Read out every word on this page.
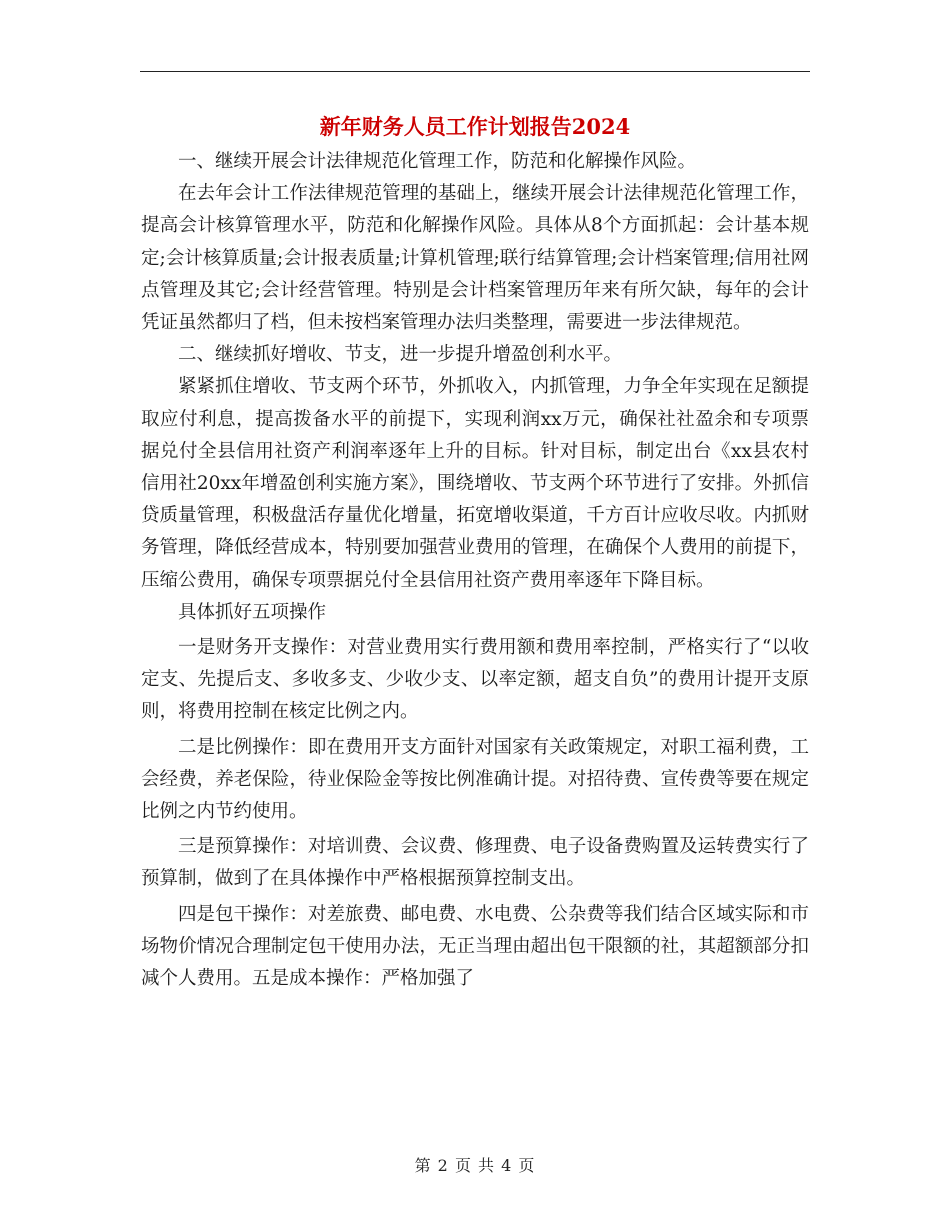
新年财务人员工作计划报告2024

一、继续开展会计法律规范化管理工作，防范和化解操作风险。

在去年会计工作法律规范管理的基础上，继续开展会计法律规范化管理工作，提高会计核算管理水平，防范和化解操作风险。具体从8个方面抓起：会计基本规定;会计核算质量;会计报表质量;计算机管理;联行结算管理;会计档案管理;信用社网点管理及其它;会计经营管理。特别是会计档案管理历年来有所欠缺，每年的会计凭证虽然都归了档，但未按档案管理办法归类整理，需要进一步法律规范。

二、继续抓好增收、节支，进一步提升增盈创利水平。

紧紧抓住增收、节支两个环节，外抓收入，内抓管理，力争全年实现在足额提取应付利息，提高拨备水平的前提下，实现利润xx万元，确保社社盈余和专项票据兑付全县信用社资产利润率逐年上升的目标。针对目标，制定出台《xx县农村信用社20xx年增盈创利实施方案》，围绕增收、节支两个环节进行了安排。外抓信贷质量管理，积极盘活存量优化增量，拓宽增收渠道，千方百计应收尽收。内抓财务管理，降低经营成本，特别要加强营业费用的管理，在确保个人费用的前提下，压缩公费用，确保专项票据兑付全县信用社资产费用率逐年下降目标。

具体抓好五项操作

一是财务开支操作：对营业费用实行费用额和费用率控制，严格实行了“以收定支、先提后支、多收多支、少收少支、以率定额，超支自负”的费用计提开支原则，将费用控制在核定比例之内。

二是比例操作：即在费用开支方面针对国家有关政策规定，对职工福利费，工会经费，养老保险，待业保险金等按比例准确计提。对招待费、宣传费等要在规定比例之内节约使用。

三是预算操作：对培训费、会议费、修理费、电子设备费购置及运转费实行了预算制，做到了在具体操作中严格根据预算控制支出。

四是包干操作：对差旅费、邮电费、水电费、公杂费等我们结合区域实际和市场物价情况合理制定包干使用办法，无正当理由超出包干限额的社，其超额部分扣减个人费用。五是成本操作：严格加强了

第 2 页 共 4 页
